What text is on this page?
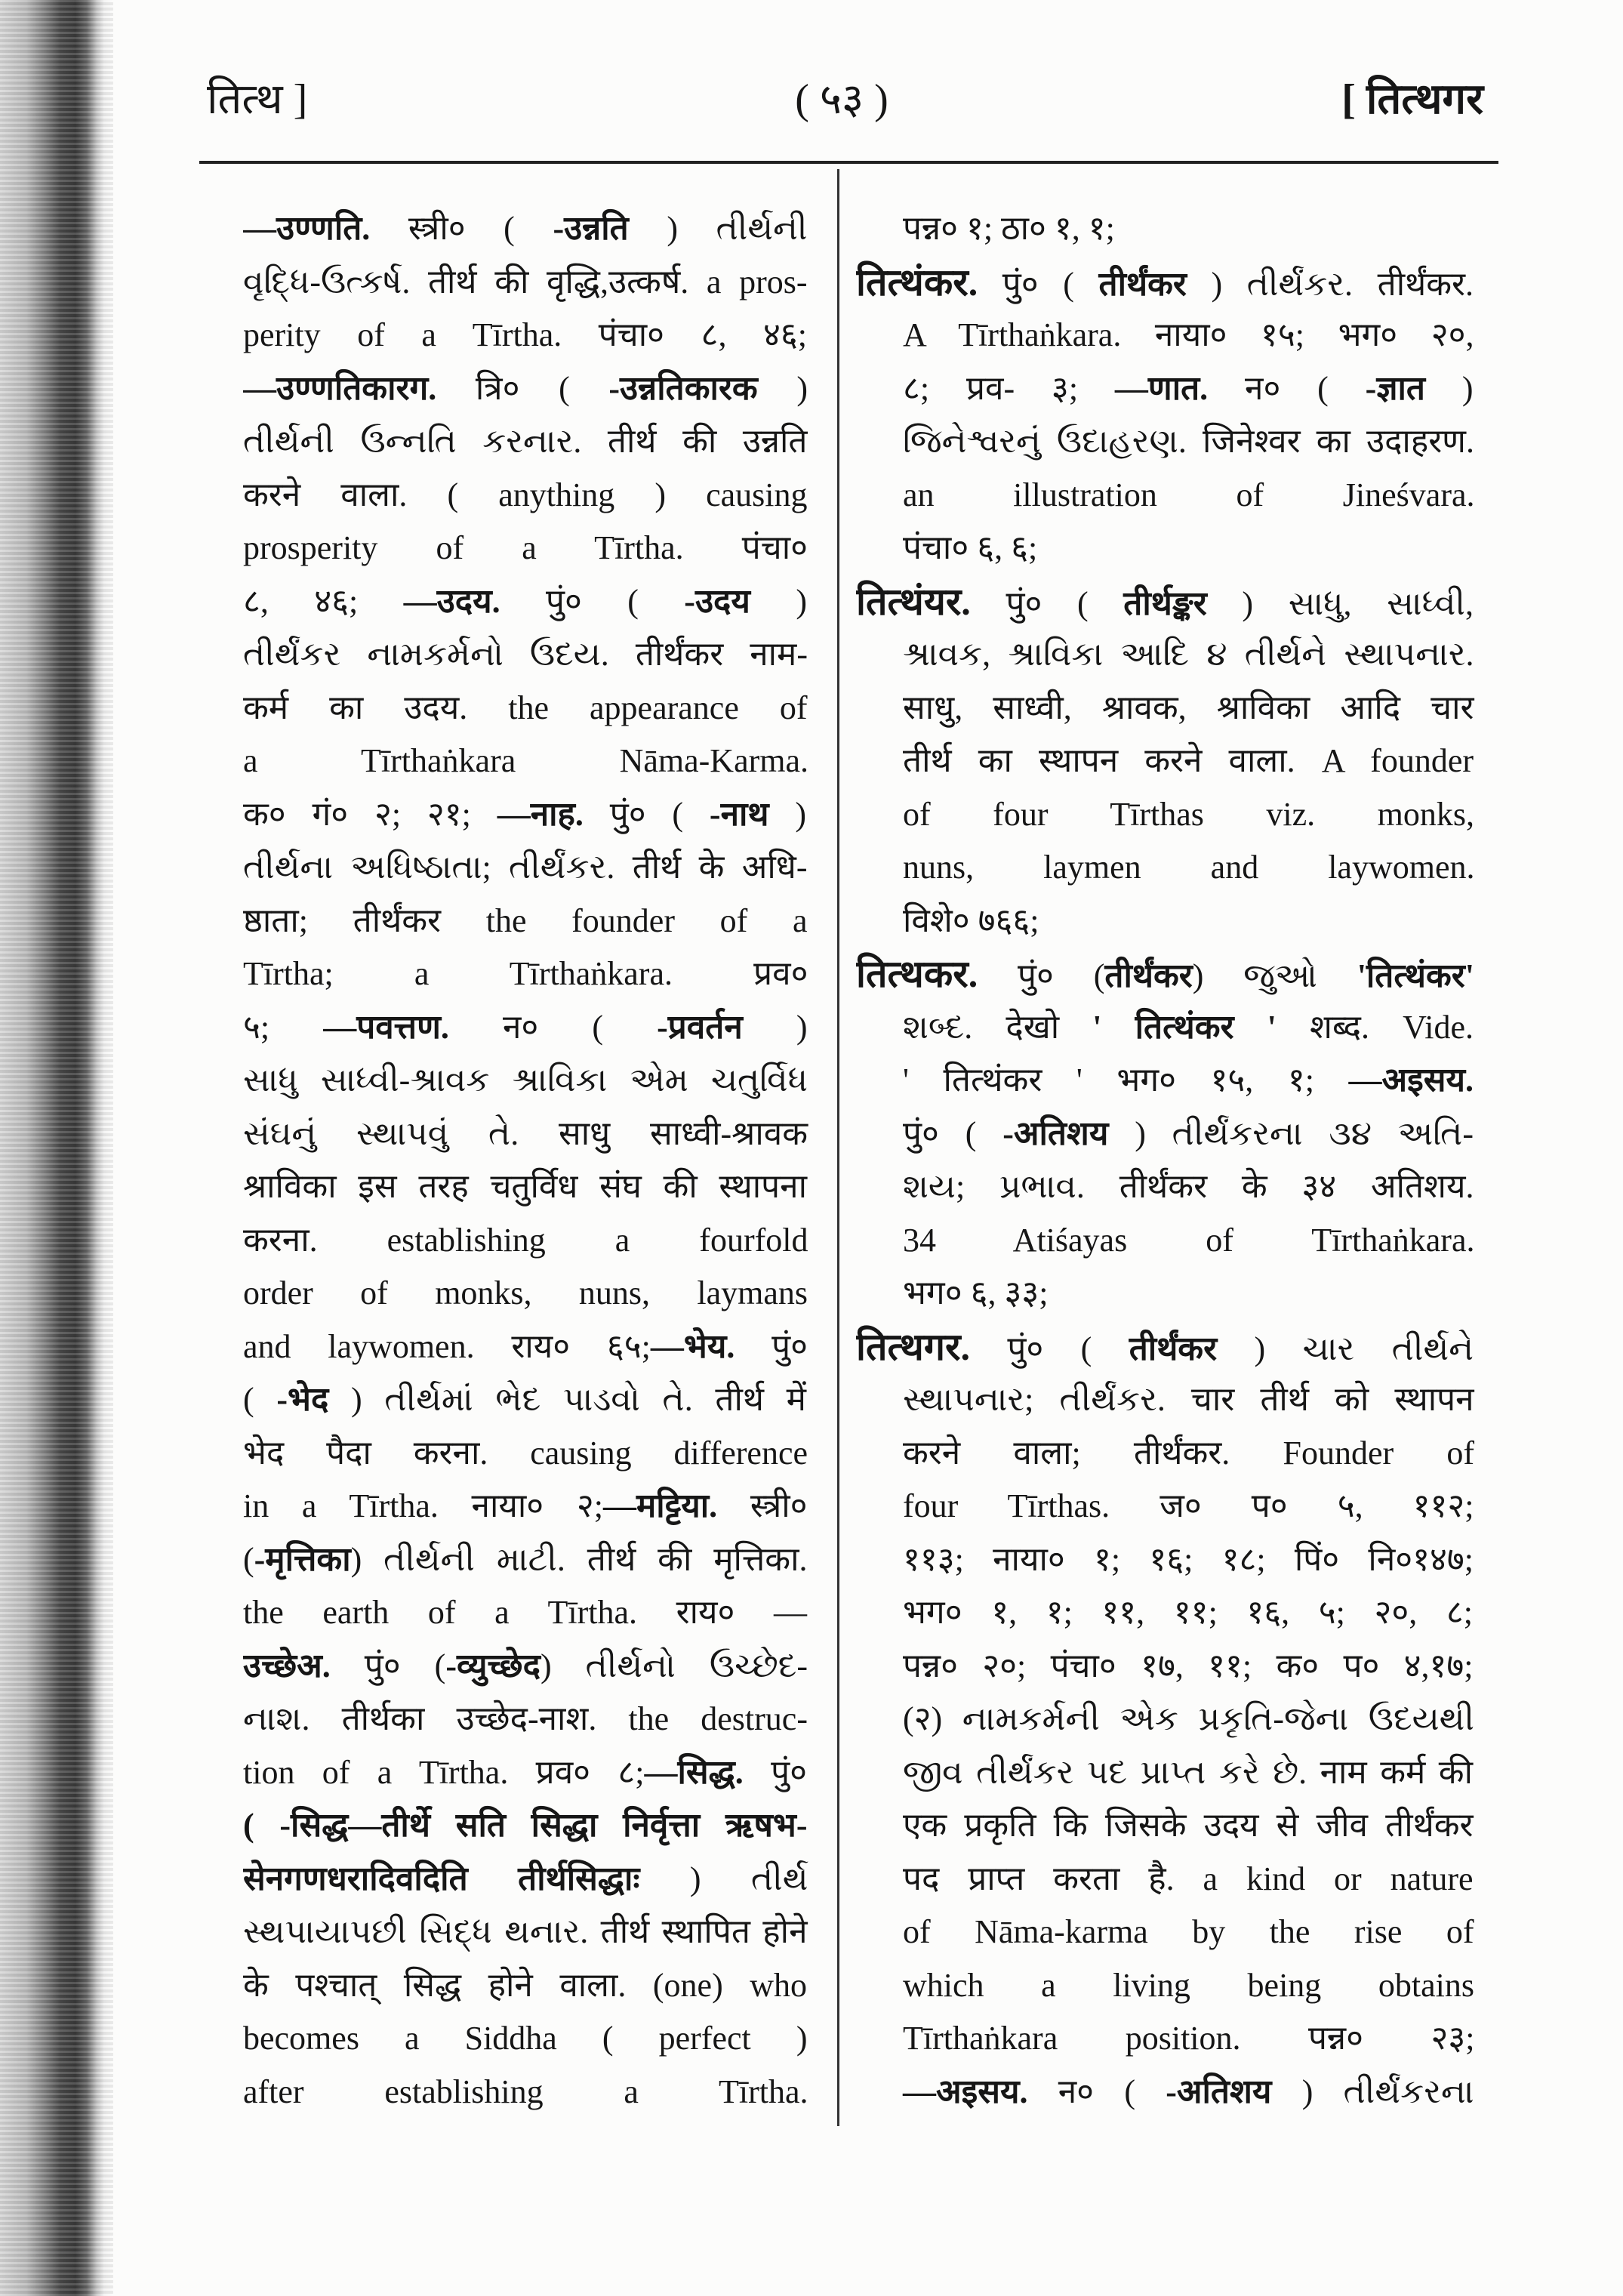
तित्थ ]	( ५३ )	[ तित्थगर
—उण्णति. स्त्री० ( -उन्नति ) તીર્થની
વૃદ્ધિ-ઉત્કર્ષ. तीर्थ की वृद्धि,उत्कर्ष. a pros-
perity of a Tīrtha. पंचा० ८, ४६;
—उण्णतिकारग. त्रि० ( -उन्नतिकारक )
તીર્થની ઉન્નતિ કરનાર. तीर्थ की उन्नति
करने वाला. ( anything ) causing
prosperity of a Tīrtha. पंचा०
८, ४६; —उदय. पुं० ( -उदय )
તીર્થંકર નામકર્મનો ઉદય. तीर्थंकर नाम-
कर्म का उदय. the appearance of
a Tīrthaṅkara Nāma-Karma.
क० गं० २; २१; —नाह. पुं० ( -नाथ )
તીર્થના અધિષ્ઠાતા; તીર્થંકર. तीर्थ के अधि-
ष्ठाता; तीर्थंकर the founder of a
Tīrtha; a Tīrthaṅkara. प्रव०
५; —पवत्तण. न० ( -प्रवर्तन )
સાધુ સાધ્વી-શ્રાવક શ્રાવિકા એમ ચતુર્વિધ
સંઘનું સ્થાપવું તે. साधु साध्वी-श्रावक
श्राविका इस तरह चतुर्विध संघ की स्थापना
करना. establishing a fourfold
order of monks, nuns, laymans
and laywomen. राय० ६५;—भेय. पुं०
( -भेद ) તીર્થમાં ભેદ પાડવો તે. तीर्थ में
भेद पैदा करना. causing difference
in a Tīrtha. नाया० २;—मट्टिया. स्त्री०
(-मृत्तिका) તીર્થની માટી. तीर्थ की मृत्तिका.
the earth of a Tīrtha. राय० —
उच्छेअ. पुं० (-व्युच्छेद) તીર્થનો ઉચ્છેદ-
નાશ. तीर्थका उच्छेद-नाश. the destruc-
tion of a Tīrtha. प्रव० ८;—सिद्ध. पुं०
( -सिद्ध—तीर्थे सति सिद्धा निर्वृत्ता ऋषभ-
सेनगणधरादिवदिति तीर्थसिद्धाः ) તીર્થ
સ્થપાયાપછી સિદ્ધ થનાર. तीर्थ स्थापित होने
के पश्चात् सिद्ध होने वाला. (one) who
becomes a Siddha ( perfect )
after establishing a Tīrtha.
पन्न० १; ठा० १, १;
तित्थंकर. पुं० ( तीर्थंकर ) તીર્થંકર. तीर्थंकर.
A Tīrthaṅkara. नाया० १५; भग० २०,
८; प्रव- ३; —णात. न० ( -ज्ञात )
જિનેશ્વરનું ઉદાહરણ. जिनेश्वर का उदाहरण.
an illustration of Jineśvara.
पंचा० ६, ६;
तित्थंयर. पुं० ( तीर्थङ्कर ) સાધુ, સાધ્વી,
શ્રાવક, શ્રાવિકા આદિ ૪ તીર્થને સ્થાપનાર.
साधु, साध्वी, श्रावक, श्राविका आदि चार
तीर्थ का स्थापन करने वाला. A founder
of four Tīrthas viz. monks,
nuns, laymen and laywomen.
विशे० ७६६;
तित्थकर. पुं० (तीर्थंकर) જુઓ 'तित्थंकर'
શબ્દ. देखो ' तित्थंकर ' शब्द. Vide.
' तित्थंकर ' भग० १५, १; —अइसय.
पुं० ( -अतिशय ) તીર્થંકરના ૩૪ અતિ-
શય; પ્રભાવ. तीर्थंकर के ३४ अतिशय.
34 Atiśayas of Tīrthaṅkara.
भग० ६, ३३;
तित्थगर. पुं० ( तीर्थंकर ) ચાર તીર્થને
સ્થાપનાર; તીર્થંકર. चार तीर्थ को स्थापन
करने वाला; तीर्थंकर. Founder of
four Tīrthas. ज० प० ५, ११२;
११३; नाया० १; १६; १८; पिं० नि०१४७;
भग० १, १; ११, ११; १६, ५; २०, ८;
पन्न० २०; पंचा० १७, ११; क० प० ४,१७;
(२) નામકર્મની એક પ્રકૃતિ-જેના ઉદયથી
જીવ તીર્થંકર પદ પ્રાપ્ત કરે છે. नाम कर्म की
एक प्रकृति कि जिसके उदय से जीव तीर्थंकर
पद प्राप्त करता है. a kind or nature
of Nāma-karma by the rise of
which a living being obtains
Tīrthaṅkara position. पन्न० २३;
—अइसय. न० ( -अतिशय ) તીર્થંકરના
